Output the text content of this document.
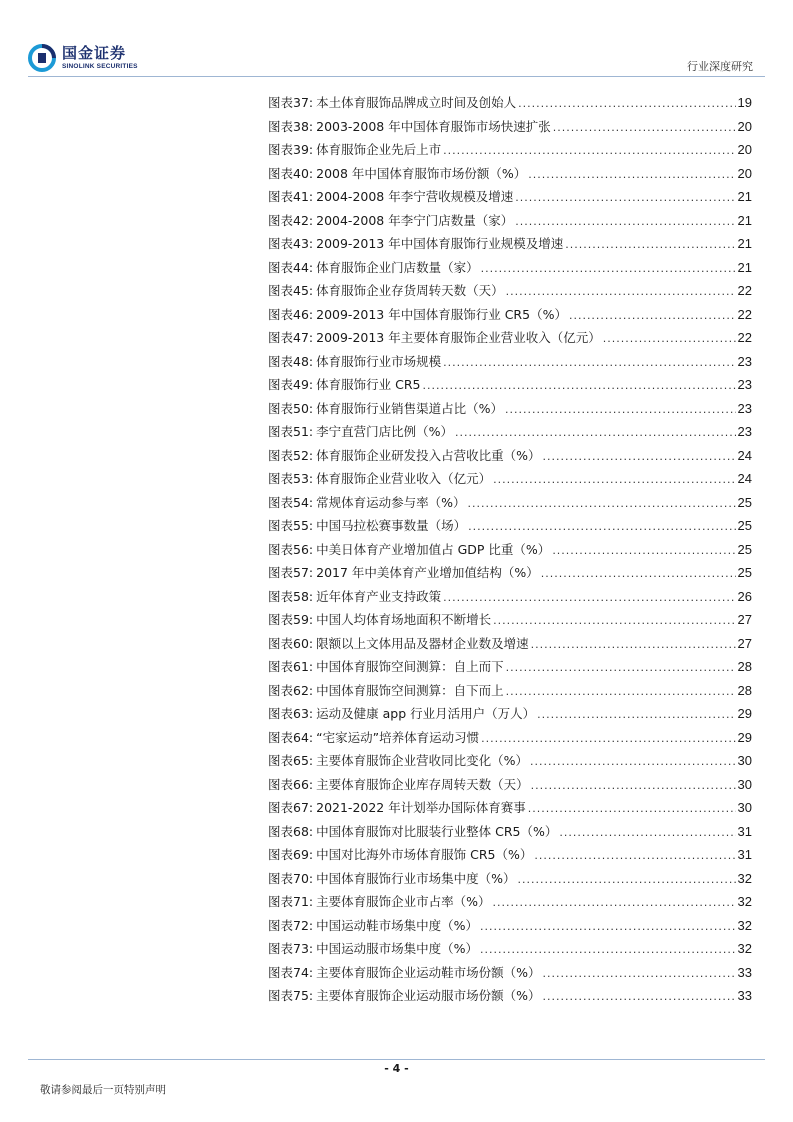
国金证券
SINOLINK SECURITIES	行业深度研究
图表37: 本土体育服饰品牌成立时间及创始人 .....	19
图表38: 2003-2008 年中国体育服饰市场快速扩张 .....	20
图表39: 体育服饰企业先后上市 .....	20
图表40: 2008 年中国体育服饰市场份额（%） .....	20
图表41: 2004-2008 年李宁营收规模及增速 .....	21
图表42: 2004-2008 年李宁门店数量（家） .....	21
图表43: 2009-2013 年中国体育服饰行业规模及增速 .....	21
图表44: 体育服饰企业门店数量（家） .....	21
图表45: 体育服饰企业存货周转天数（天） .....	22
图表46: 2009-2013 年中国体育服饰行业 CR5（%） .....	22
图表47: 2009-2013 年主要体育服饰企业营业收入（亿元） .....	22
图表48: 体育服饰行业市场规模 .....	23
图表49: 体育服饰行业 CR5 .....	23
图表50: 体育服饰行业销售渠道占比（%） .....	23
图表51: 李宁直营门店比例（%） .....	23
图表52: 体育服饰企业研发投入占营收比重（%） .....	24
图表53: 体育服饰企业营业收入（亿元） .....	24
图表54: 常规体育运动参与率（%） .....	25
图表55: 中国马拉松赛事数量（场） .....	25
图表56: 中美日体育产业增加值占 GDP 比重（%） .....	25
图表57: 2017 年中美体育产业增加值结构（%） .....	25
图表58: 近年体育产业支持政策 .....	26
图表59: 中国人均体育场地面积不断增长 .....	27
图表60: 限额以上文体用品及器材企业数及增速 .....	27
图表61: 中国体育服饰空间测算：自上而下 .....	28
图表62: 中国体育服饰空间测算：自下而上 .....	28
图表63: 运动及健康 app 行业月活用户（万人） .....	29
图表64: “宅家运动”培养体育运动习惯 .....	29
图表65: 主要体育服饰企业营收同比变化（%） .....	30
图表66: 主要体育服饰企业库存周转天数（天） .....	30
图表67: 2021-2022 年计划举办国际体育赛事 .....	30
图表68: 中国体育服饰对比服装行业整体 CR5（%） .....	31
图表69: 中国对比海外市场体育服饰 CR5（%） .....	31
图表70: 中国体育服饰行业市场集中度（%） .....	32
图表71: 主要体育服饰企业市占率（%） .....	32
图表72: 中国运动鞋市场集中度（%） .....	32
图表73: 中国运动服市场集中度（%） .....	32
图表74: 主要体育服饰企业运动鞋市场份额（%） .....	33
图表75: 主要体育服饰企业运动服市场份额（%） .....	33
- 4 -
敬请参阅最后一页特别声明
